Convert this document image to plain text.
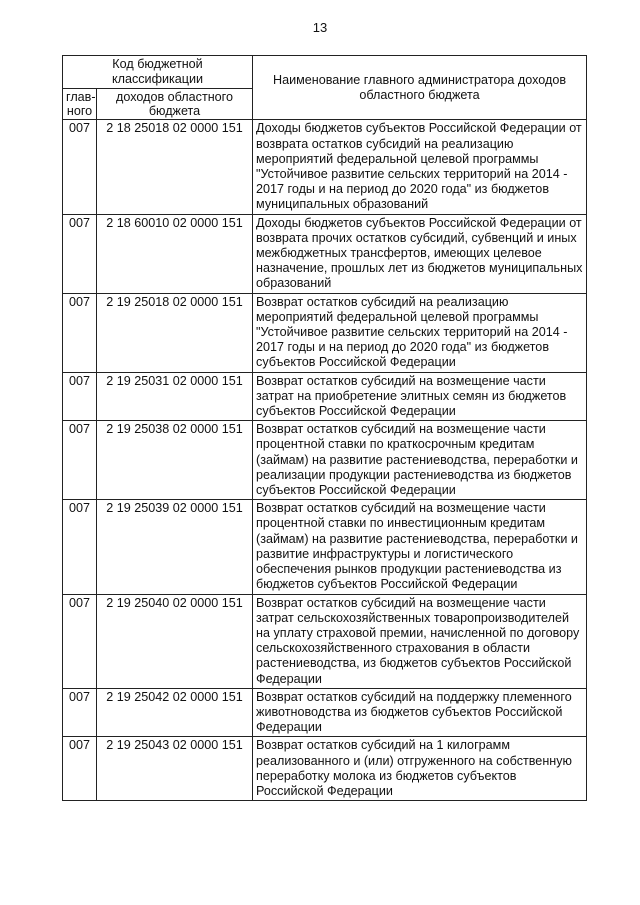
13
Код бюджетной классификации		Наименование главного администратора доходов областного бюджета
глав-ного	доходов областного бюджета	
007	2 18 25018 02 0000 151	Доходы бюджетов субъектов Российской Федерации от возврата остатков субсидий на реализацию мероприятий федеральной целевой программы "Устойчивое развитие сельских территорий на 2014 - 2017 годы и на период до 2020 года" из бюджетов муниципальных образований
007	2 18 60010 02 0000 151	Доходы бюджетов субъектов Российской Федерации от возврата прочих остатков субсидий, субвенций и иных межбюджетных трансфертов, имеющих целевое назначение, прошлых лет из бюджетов муниципальных образований
007	2 19 25018 02 0000 151	Возврат остатков субсидий на реализацию мероприятий федеральной целевой программы "Устойчивое развитие сельских территорий на 2014 - 2017 годы и на период до 2020 года" из бюджетов субъектов Российской Федерации
007	2 19 25031 02 0000 151	Возврат остатков субсидий на возмещение части затрат на приобретение элитных семян из бюджетов субъектов Российской Федерации
007	2 19 25038 02 0000 151	Возврат остатков субсидий на возмещение части процентной ставки по краткосрочным кредитам (займам) на развитие растениеводства, переработки и реализации продукции растениеводства из бюджетов субъектов Российской Федерации
007	2 19 25039 02 0000 151	Возврат остатков субсидий на возмещение части процентной ставки по инвестиционным кредитам (займам) на развитие растениеводства, переработки и развитие инфраструктуры и логистического обеспечения рынков продукции растениеводства из бюджетов субъектов Российской Федерации
007	2 19 25040 02 0000 151	Возврат остатков субсидий на возмещение части затрат сельскохозяйственных товаропроизводителей на уплату страховой премии, начисленной по договору сельскохозяйственного страхования в области растениеводства, из бюджетов субъектов Российской Федерации
007	2 19 25042 02 0000 151	Возврат остатков субсидий на поддержку племенного животноводства из бюджетов субъектов Российской Федерации
007	2 19 25043 02 0000 151	Возврат остатков субсидий на 1 килограмм реализованного и (или) отгруженного на собственную переработку молока из бюджетов субъектов Российской Федерации
